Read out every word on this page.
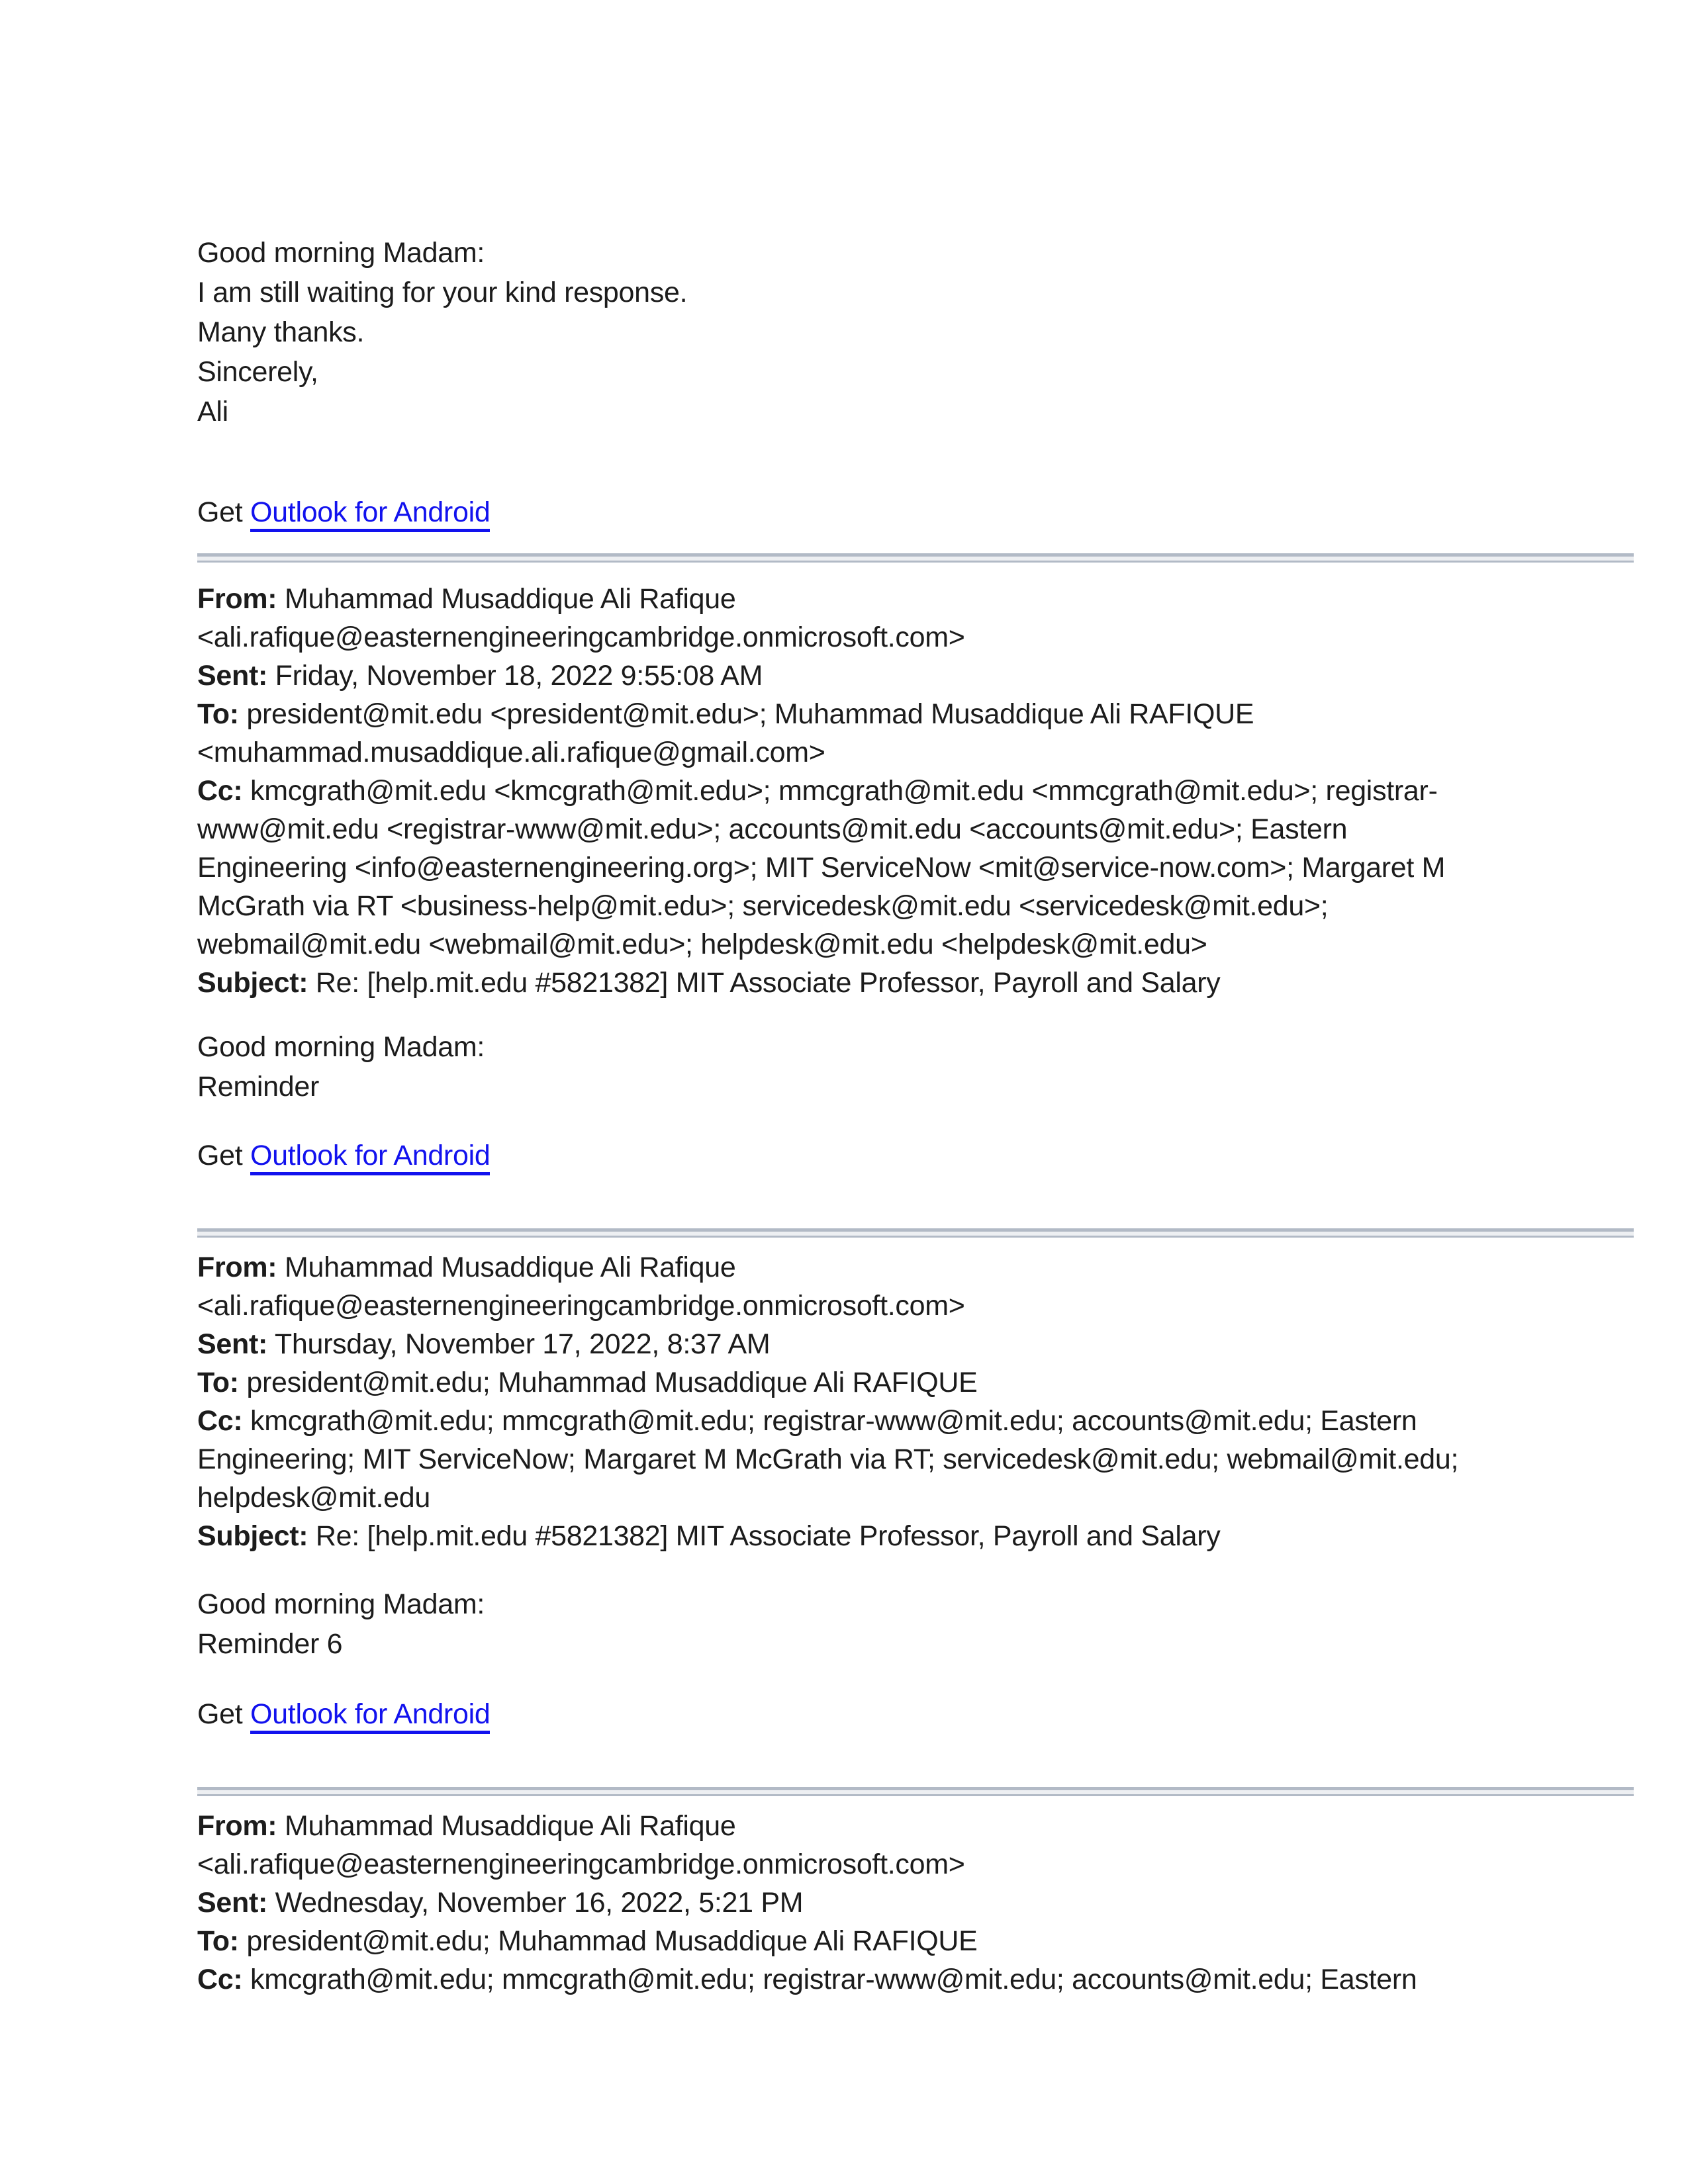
Good morning Madam:
I am still waiting for your kind response.
Many thanks.
Sincerely,
Ali
Get Outlook for Android
From: Muhammad Musaddique Ali Rafique
<ali.rafique@easternengineeringcambridge.onmicrosoft.com>
Sent: Friday, November 18, 2022 9:55:08 AM
To: president@mit.edu <president@mit.edu>; Muhammad Musaddique Ali RAFIQUE
<muhammad.musaddique.ali.rafique@gmail.com>
Cc: kmcgrath@mit.edu <kmcgrath@mit.edu>; mmcgrath@mit.edu <mmcgrath@mit.edu>; registrar-
www@mit.edu <registrar-www@mit.edu>; accounts@mit.edu <accounts@mit.edu>; Eastern
Engineering <info@easternengineering.org>; MIT ServiceNow <mit@service-now.com>; Margaret M
McGrath via RT <business-help@mit.edu>; servicedesk@mit.edu <servicedesk@mit.edu>;
webmail@mit.edu <webmail@mit.edu>; helpdesk@mit.edu <helpdesk@mit.edu>
Subject: Re: [help.mit.edu #5821382] MIT Associate Professor, Payroll and Salary
Good morning Madam:
Reminder
Get Outlook for Android
From: Muhammad Musaddique Ali Rafique
<ali.rafique@easternengineeringcambridge.onmicrosoft.com>
Sent: Thursday, November 17, 2022, 8:37 AM
To: president@mit.edu; Muhammad Musaddique Ali RAFIQUE
Cc: kmcgrath@mit.edu; mmcgrath@mit.edu; registrar-www@mit.edu; accounts@mit.edu; Eastern
Engineering; MIT ServiceNow; Margaret M McGrath via RT; servicedesk@mit.edu; webmail@mit.edu;
helpdesk@mit.edu
Subject: Re: [help.mit.edu #5821382] MIT Associate Professor, Payroll and Salary
Good morning Madam:
Reminder 6
Get Outlook for Android
From: Muhammad Musaddique Ali Rafique
<ali.rafique@easternengineeringcambridge.onmicrosoft.com>
Sent: Wednesday, November 16, 2022, 5:21 PM
To: president@mit.edu; Muhammad Musaddique Ali RAFIQUE
Cc: kmcgrath@mit.edu; mmcgrath@mit.edu; registrar-www@mit.edu; accounts@mit.edu; Eastern
